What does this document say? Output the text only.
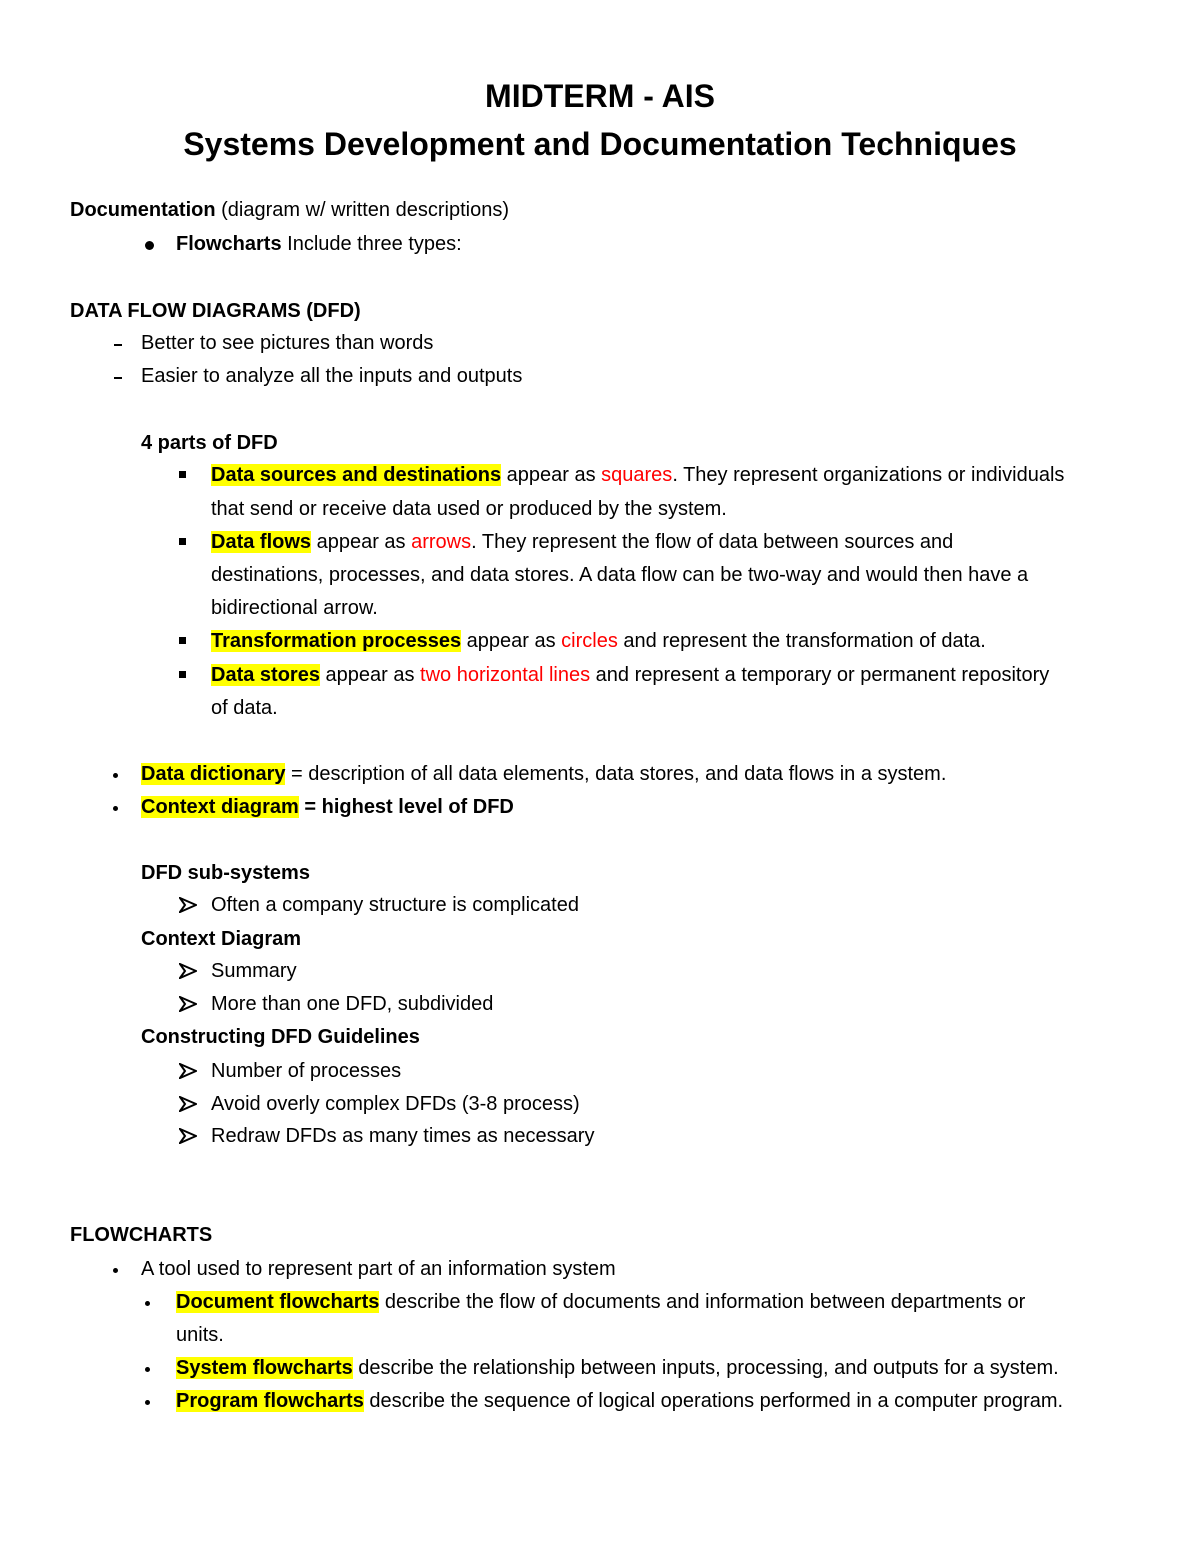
MIDTERM - AIS
Systems Development and Documentation Techniques
Documentation (diagram w/ written descriptions)
Flowcharts Include three types:
DATA FLOW DIAGRAMS (DFD)
Better to see pictures than words
Easier to analyze all the inputs and outputs
4 parts of DFD
Data sources and destinations appear as squares. They represent organizations or individuals
that send or receive data used or produced by the system.
Data flows appear as arrows. They represent the flow of data between sources and
destinations, processes, and data stores. A data flow can be two-way and would then have a
bidirectional arrow.
Transformation processes appear as circles and represent the transformation of data.
Data stores appear as two horizontal lines and represent a temporary or permanent repository
of data.
Data dictionary = description of all data elements, data stores, and data flows in a system.
Context diagram = highest level of DFD
DFD sub-systems
Often a company structure is complicated
Context Diagram
Summary
More than one DFD, subdivided
Constructing DFD Guidelines
Number of processes
Avoid overly complex DFDs (3-8 process)
Redraw DFDs as many times as necessary
FLOWCHARTS
A tool used to represent part of an information system
Document flowcharts describe the flow of documents and information between departments or
units.
System flowcharts describe the relationship between inputs, processing, and outputs for a system.
Program flowcharts describe the sequence of logical operations performed in a computer program.
